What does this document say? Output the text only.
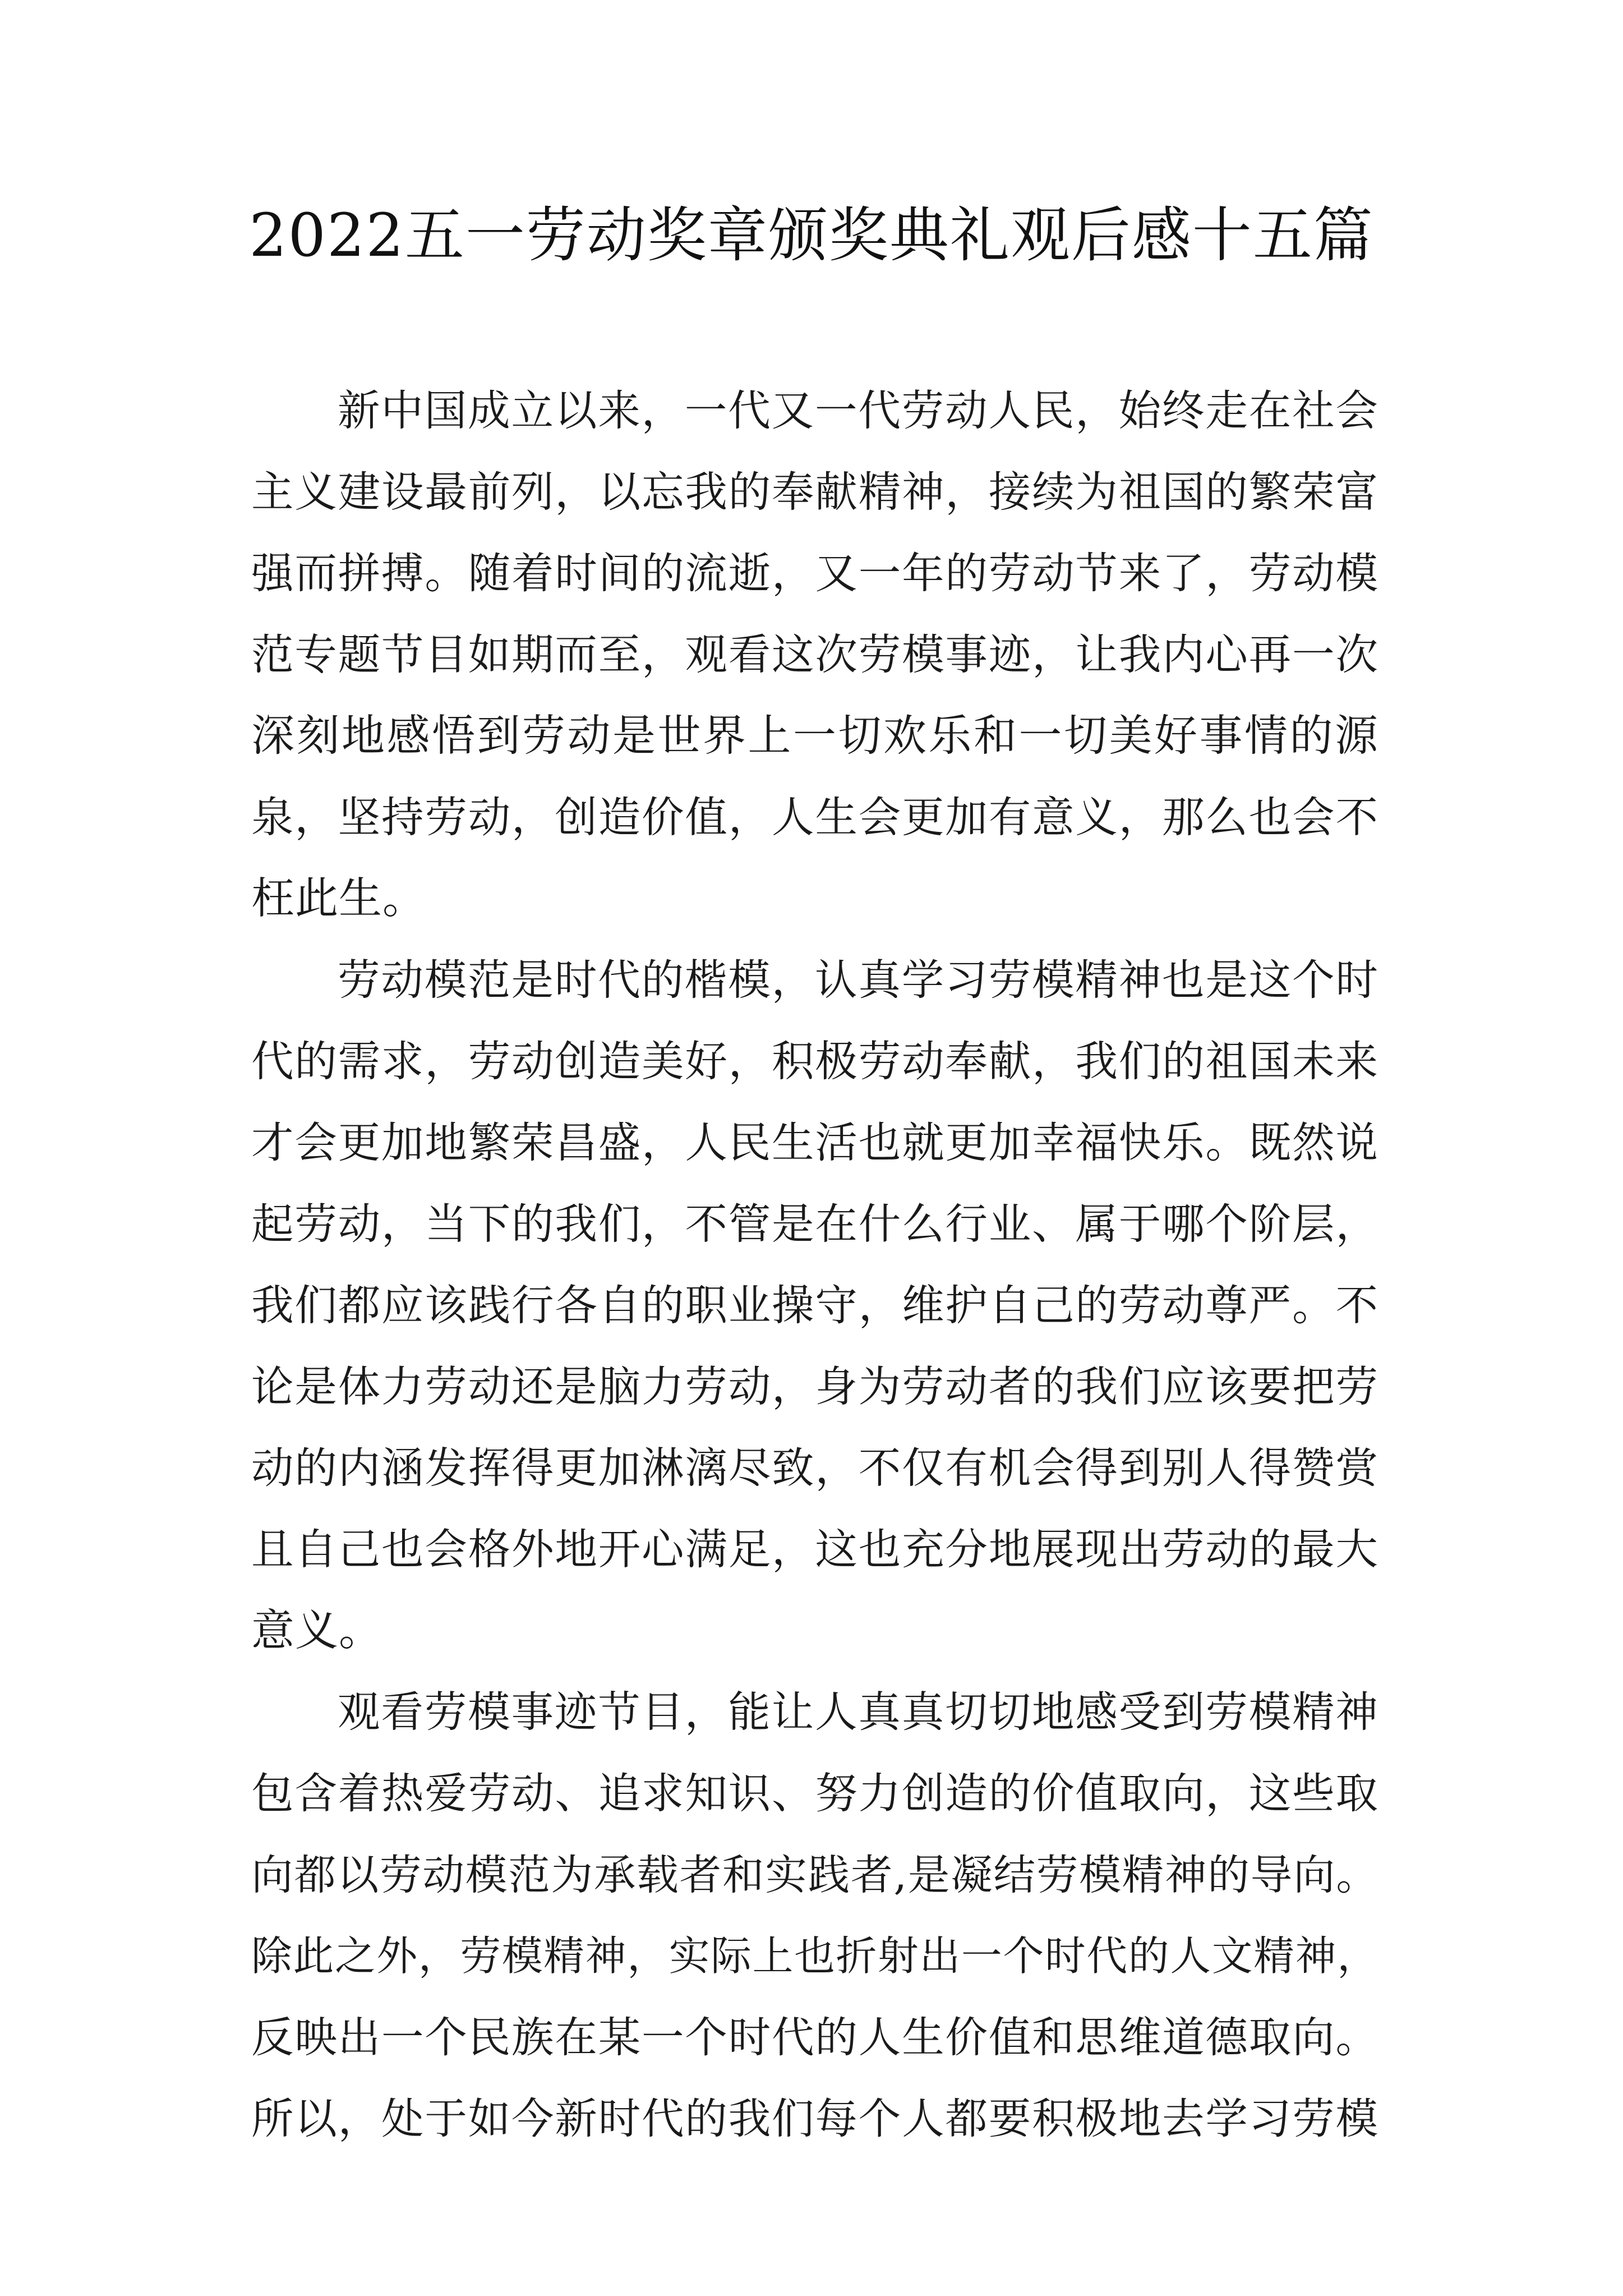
2022五一劳动奖章颁奖典礼观后感十五篇
新中国成立以来，一代又一代劳动人民，始终走在社会
主义建设最前列，以忘我的奉献精神，接续为祖国的繁荣富
强而拼搏。随着时间的流逝，又一年的劳动节来了，劳动模
范专题节目如期而至，观看这次劳模事迹，让我内心再一次
深刻地感悟到劳动是世界上一切欢乐和一切美好事情的源
泉，坚持劳动，创造价值，人生会更加有意义，那么也会不
枉此生。
劳动模范是时代的楷模，认真学习劳模精神也是这个时
代的需求，劳动创造美好，积极劳动奉献，我们的祖国未来
才会更加地繁荣昌盛，人民生活也就更加幸福快乐。既然说
起劳动，当下的我们，不管是在什么行业、属于哪个阶层，
我们都应该践行各自的职业操守，维护自己的劳动尊严。不
论是体力劳动还是脑力劳动，身为劳动者的我们应该要把劳
动的内涵发挥得更加淋漓尽致，不仅有机会得到别人得赞赏
且自己也会格外地开心满足，这也充分地展现出劳动的最大
意义。
观看劳模事迹节目，能让人真真切切地感受到劳模精神
包含着热爱劳动、追求知识、努力创造的价值取向，这些取
向都以劳动模范为承载者和实践者,是凝结劳模精神的导向。
除此之外，劳模精神，实际上也折射出一个时代的人文精神，
反映出一个民族在某一个时代的人生价值和思维道德取向。
所以，处于如今新时代的我们每个人都要积极地去学习劳模
